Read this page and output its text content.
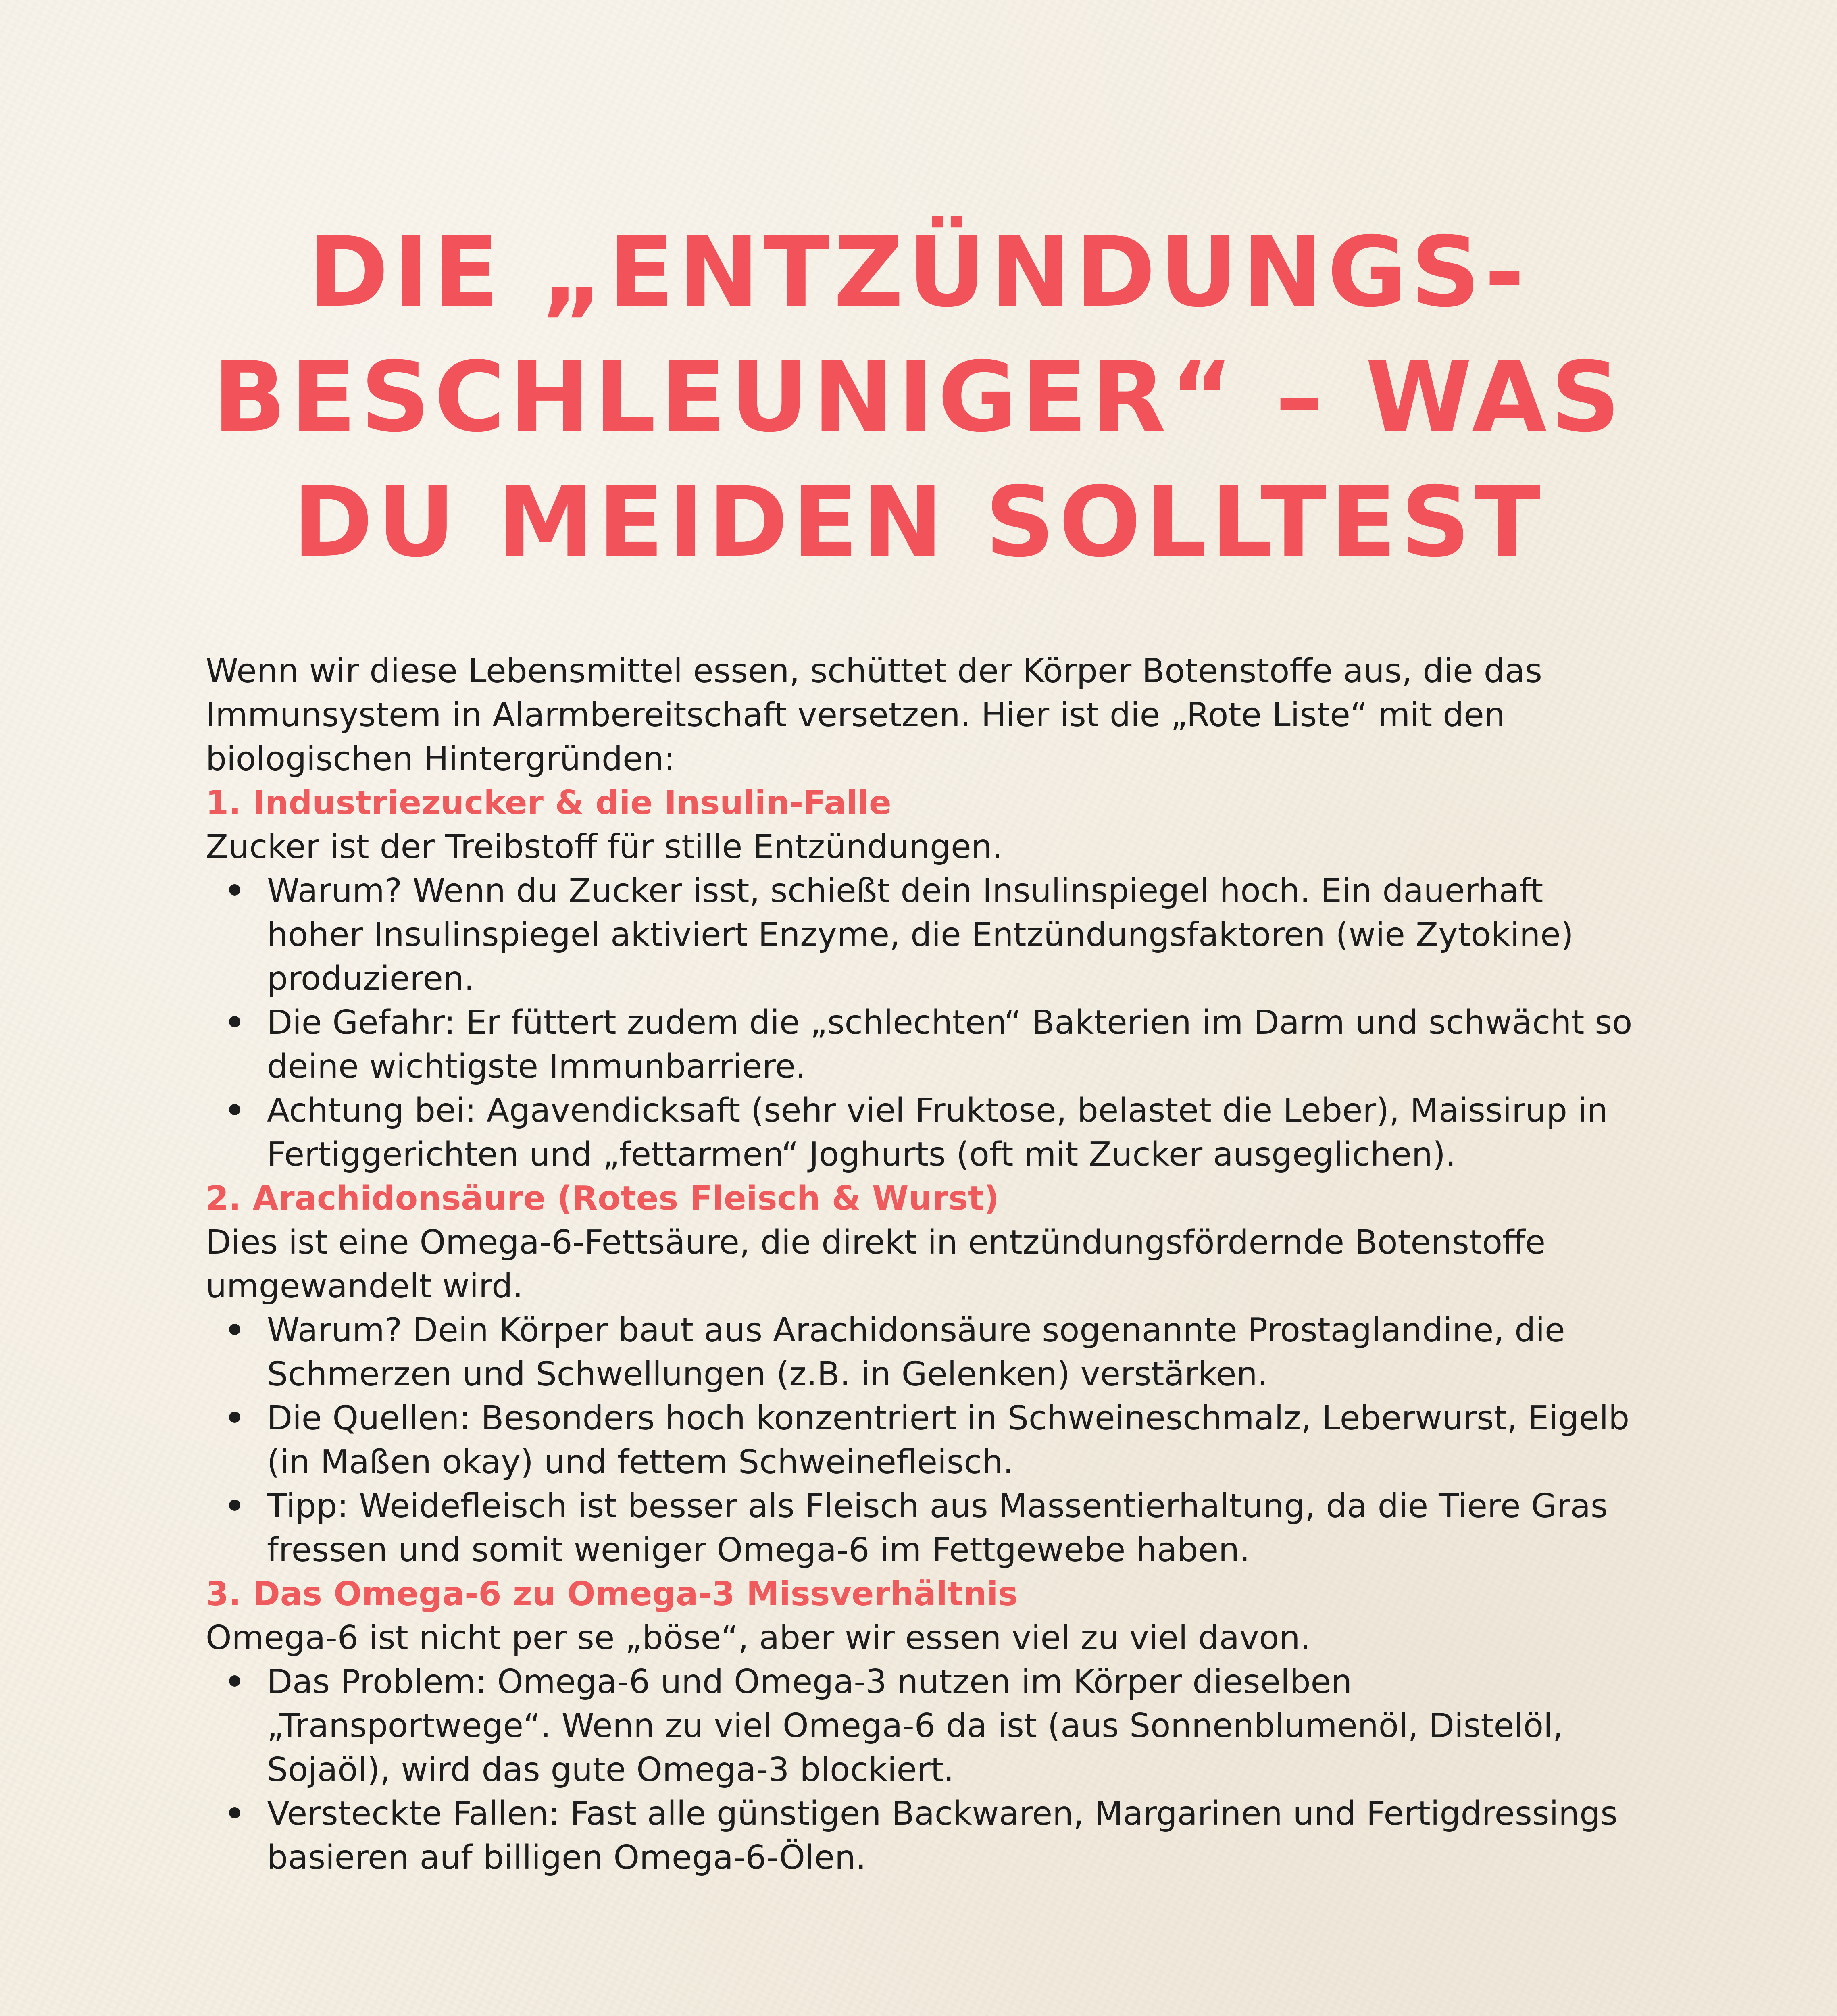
DIE „ENTZÜNDUNGS-
BESCHLEUNIGER“ – WAS
DU MEIDEN SOLLTEST

Wenn wir diese Lebensmittel essen, schüttet der Körper Botenstoffe aus, die das Immunsystem in Alarmbereitschaft versetzen. Hier ist die „Rote Liste“ mit den biologischen Hintergründen:

1. Industriezucker & die Insulin-Falle

Zucker ist der Treibstoff für stille Entzündungen.

Warum? Wenn du Zucker isst, schießt dein Insulinspiegel hoch. Ein dauerhaft hoher Insulinspiegel aktiviert Enzyme, die Entzündungsfaktoren (wie Zytokine) produzieren.
Die Gefahr: Er füttert zudem die „schlechten“ Bakterien im Darm und schwächt so deine wichtigste Immunbarriere.
Achtung bei: Agavendicksaft (sehr viel Fruktose, belastet die Leber), Maissirup in Fertiggerichten und „fettarmen“ Joghurts (oft mit Zucker ausgeglichen).
2. Arachidonsäure (Rotes Fleisch & Wurst)

Dies ist eine Omega-6-Fettsäure, die direkt in entzündungsfördernde Botenstoffe umgewandelt wird.

Warum? Dein Körper baut aus Arachidonsäure sogenannte Prostaglandine, die Schmerzen und Schwellungen (z.B. in Gelenken) verstärken.
Die Quellen: Besonders hoch konzentriert in Schweineschmalz, Leberwurst, Eigelb (in Maßen okay) und fettem Schweinefleisch.
Tipp: Weidefleisch ist besser als Fleisch aus Massentierhaltung, da die Tiere Gras fressen und somit weniger Omega-6 im Fettgewebe haben.
3. Das Omega-6 zu Omega-3 Missverhältnis

Omega-6 ist nicht per se „böse“, aber wir essen viel zu viel davon.

Das Problem: Omega-6 und Omega-3 nutzen im Körper dieselben „Transportwege“. Wenn zu viel Omega-6 da ist (aus Sonnenblumenöl, Distelöl, Sojaöl), wird das gute Omega-3 blockiert.
Versteckte Fallen: Fast alle günstigen Backwaren, Margarinen und Fertigdressings basieren auf billigen Omega-6-Ölen.
